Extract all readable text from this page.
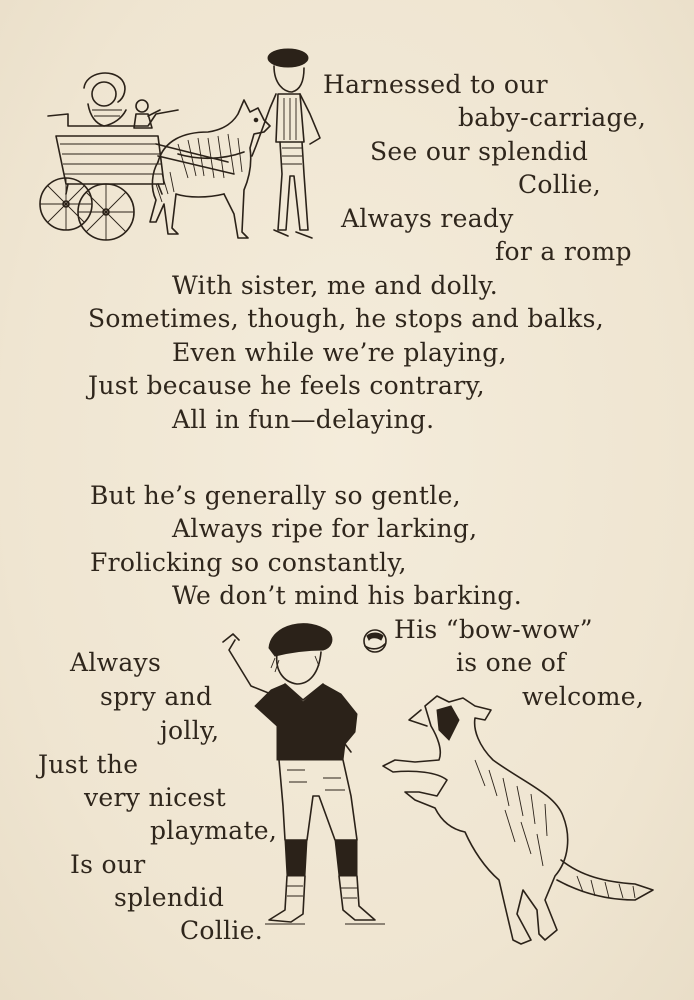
Harnessed to our
baby-carriage,
See our splendid
Collie,
Always ready
for a romp
With sister, me and dolly.
Sometimes, though, he stops and balks,
Even while we’re playing,
Just because he feels contrary,
All in fun—delaying.
But he’s generally so gentle,
Always ripe for larking,
Frolicking so constantly,
We don’t mind his barking.
His “bow-wow”
is one of
welcome,
Always
spry and
jolly,
Just the
very nicest
playmate,
Is our
splendid
Collie.
